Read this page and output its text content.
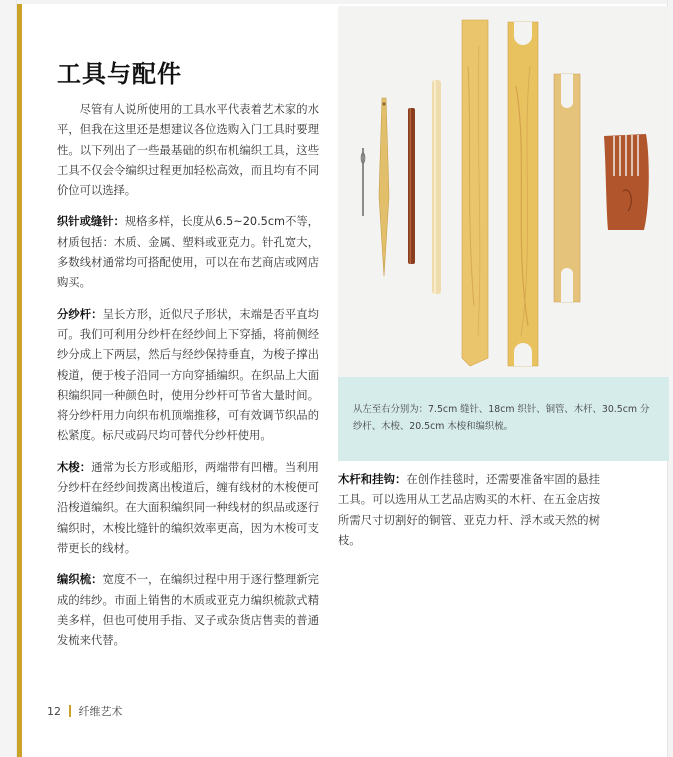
工具与配件

尽管有人说所使用的工具水平代表着艺术家的水平，但我在这里还是想建议各位选购入门工具时要理性。以下列出了一些最基础的织布机编织工具，这些工具不仅会令编织过程更加轻松高效，而且均有不同价位可以选择。

织针或缝针：规格多样，长度从6.5~20.5cm不等，材质包括：木质、金属、塑料或亚克力。针孔宽大，多数线材通常均可搭配使用，可以在布艺商店或网店购买。

分纱杆：呈长方形，近似尺子形状，末端是否平直均可。我们可利用分纱杆在经纱间上下穿插，将前侧经纱分成上下两层，然后与经纱保持垂直，为梭子撑出梭道，便于梭子沿同一方向穿插编织。在织品上大面积编织同一种颜色时，使用分纱杆可节省大量时间。将分纱杆用力向织布机顶端推移，可有效调节织品的松紧度。标尺或码尺均可替代分纱杆使用。

木梭：通常为长方形或船形，两端带有凹槽。当利用分纱杆在经纱间拨离出梭道后，缠有线材的木梭便可沿梭道编织。在大面积编织同一种线材的织品或逐行编织时，木梭比缝针的编织效率更高，因为木梭可支带更长的线材。

编织梳：宽度不一，在编织过程中用于逐行整理新完成的纬纱。市面上销售的木质或亚克力编织梳款式精美多样，但也可使用手指、叉子或杂货店售卖的普通发梳来代替。

从左至右分别为：7.5cm 缝针、18cm 织针、铜管、木杆、30.5cm 分纱杆、木梭、20.5cm 木梭和编织梳。

木杆和挂钩：在创作挂毯时，还需要准备牢固的悬挂工具。可以选用从工艺品店购买的木杆、在五金店按所需尺寸切割好的铜管、亚克力杆、浮木或天然的树枝。

12 纤维艺术
